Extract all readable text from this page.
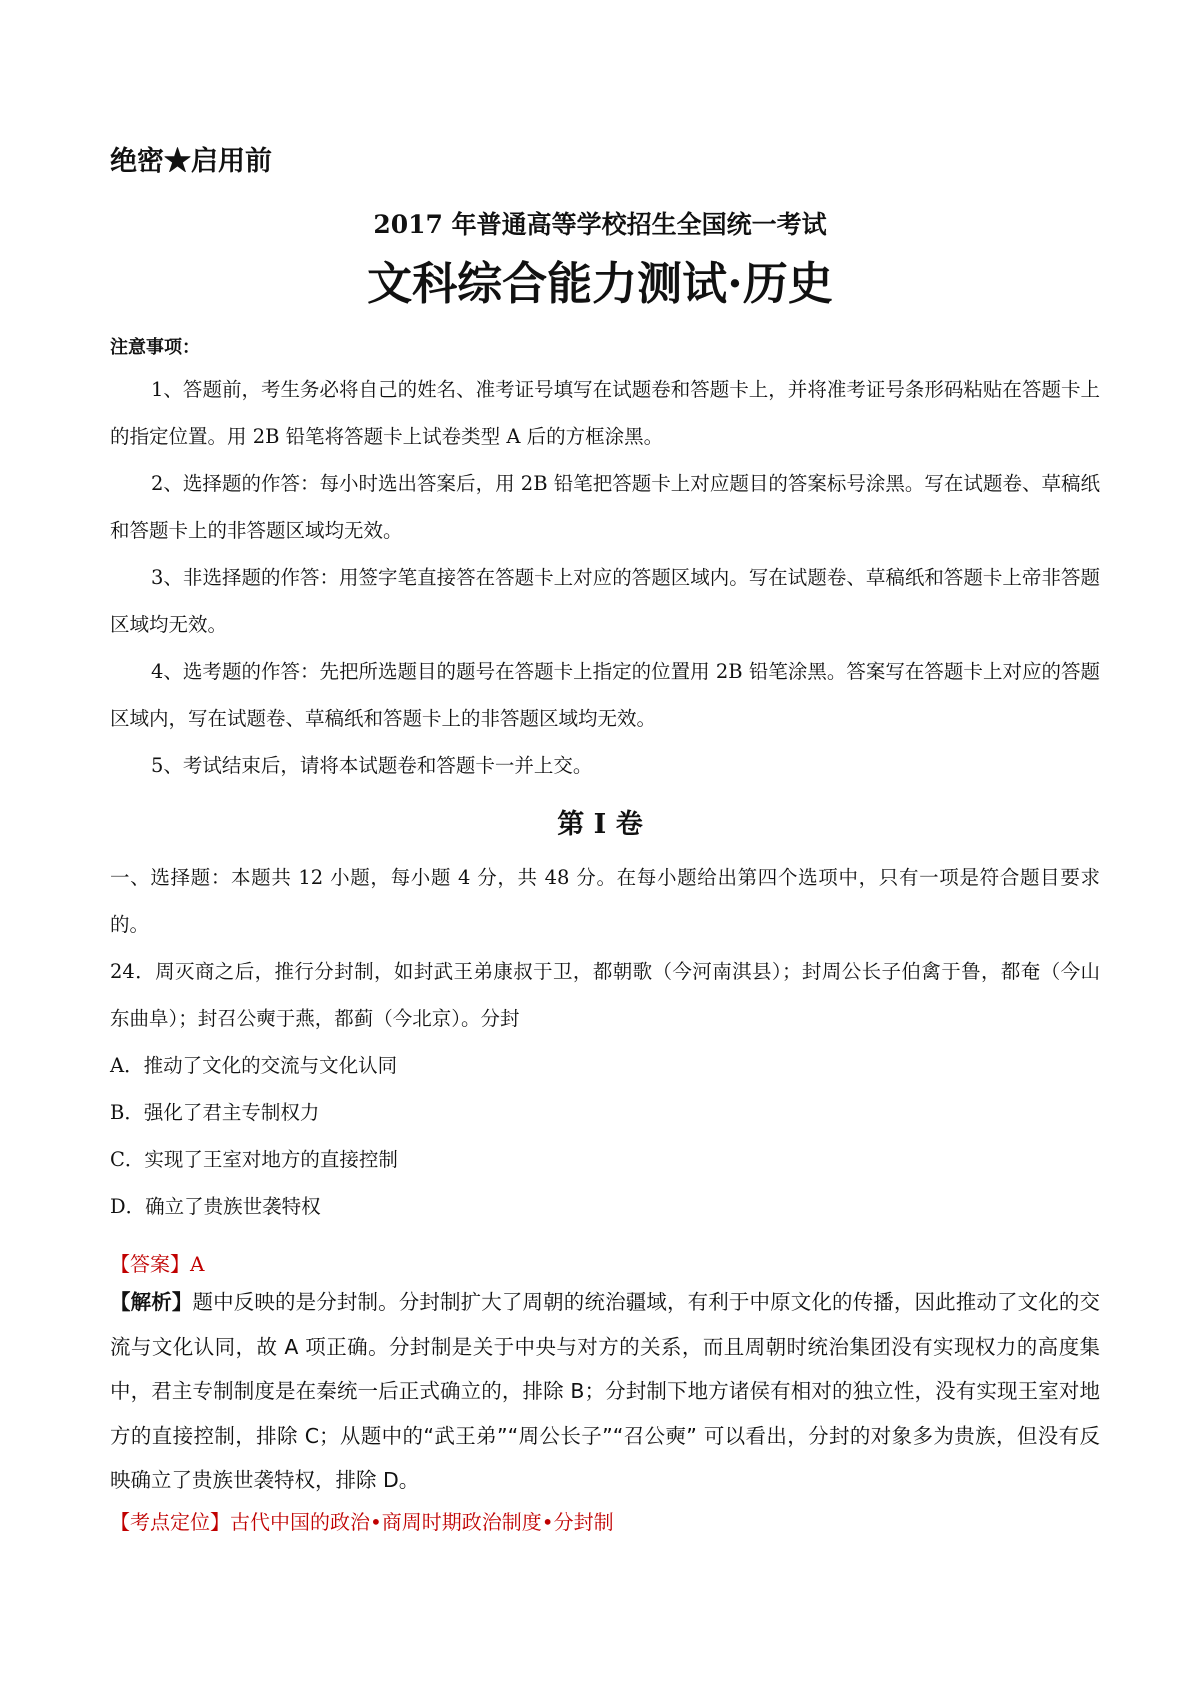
绝密★启用前
2017 年普通高等学校招生全国统一考试
文科综合能力测试·历史
注意事项：

1、答题前，考生务必将自己的姓名、准考证号填写在试题卷和答题卡上，并将准考证号条形码粘贴在答题卡上的指定位置。用 2B 铅笔将答题卡上试卷类型 A 后的方框涂黑。

2、选择题的作答：每小时选出答案后，用 2B 铅笔把答题卡上对应题目的答案标号涂黑。写在试题卷、草稿纸和答题卡上的非答题区域均无效。

3、非选择题的作答：用签字笔直接答在答题卡上对应的答题区域内。写在试题卷、草稿纸和答题卡上帝非答题区域均无效。

4、选考题的作答：先把所选题目的题号在答题卡上指定的位置用 2B 铅笔涂黑。答案写在答题卡上对应的答题区域内，写在试题卷、草稿纸和答题卡上的非答题区域均无效。

5、考试结束后，请将本试题卷和答题卡一并上交。

第 I 卷

一、选择题：本题共 12 小题，每小题 4 分，共 48 分。在每小题给出第四个选项中，只有一项是符合题目要求的。

24．周灭商之后，推行分封制，如封武王弟康叔于卫，都朝歌（今河南淇县）；封周公长子伯禽于鲁，都奄（今山东曲阜）；封召公奭于燕，都蓟（今北京）。分封

A．推动了文化的交流与文化认同
B．强化了君主专制权力
C．实现了王室对地方的直接控制
D．确立了贵族世袭特权
【答案】A
【解析】题中反映的是分封制。分封制扩大了周朝的统治疆域，有利于中原文化的传播，因此推动了文化的交流与文化认同，故 A 项正确。分封制是关于中央与对方的关系，而且周朝时统治集团没有实现权力的高度集中，君主专制制度是在秦统一后正式确立的，排除 B；分封制下地方诸侯有相对的独立性，没有实现王室对地方的直接控制，排除 C；从题中的“武王弟”“周公长子”“召公奭” 可以看出，分封的对象多为贵族，但没有反映确立了贵族世袭特权，排除 D。
【考点定位】古代中国的政治•商周时期政治制度•分封制
